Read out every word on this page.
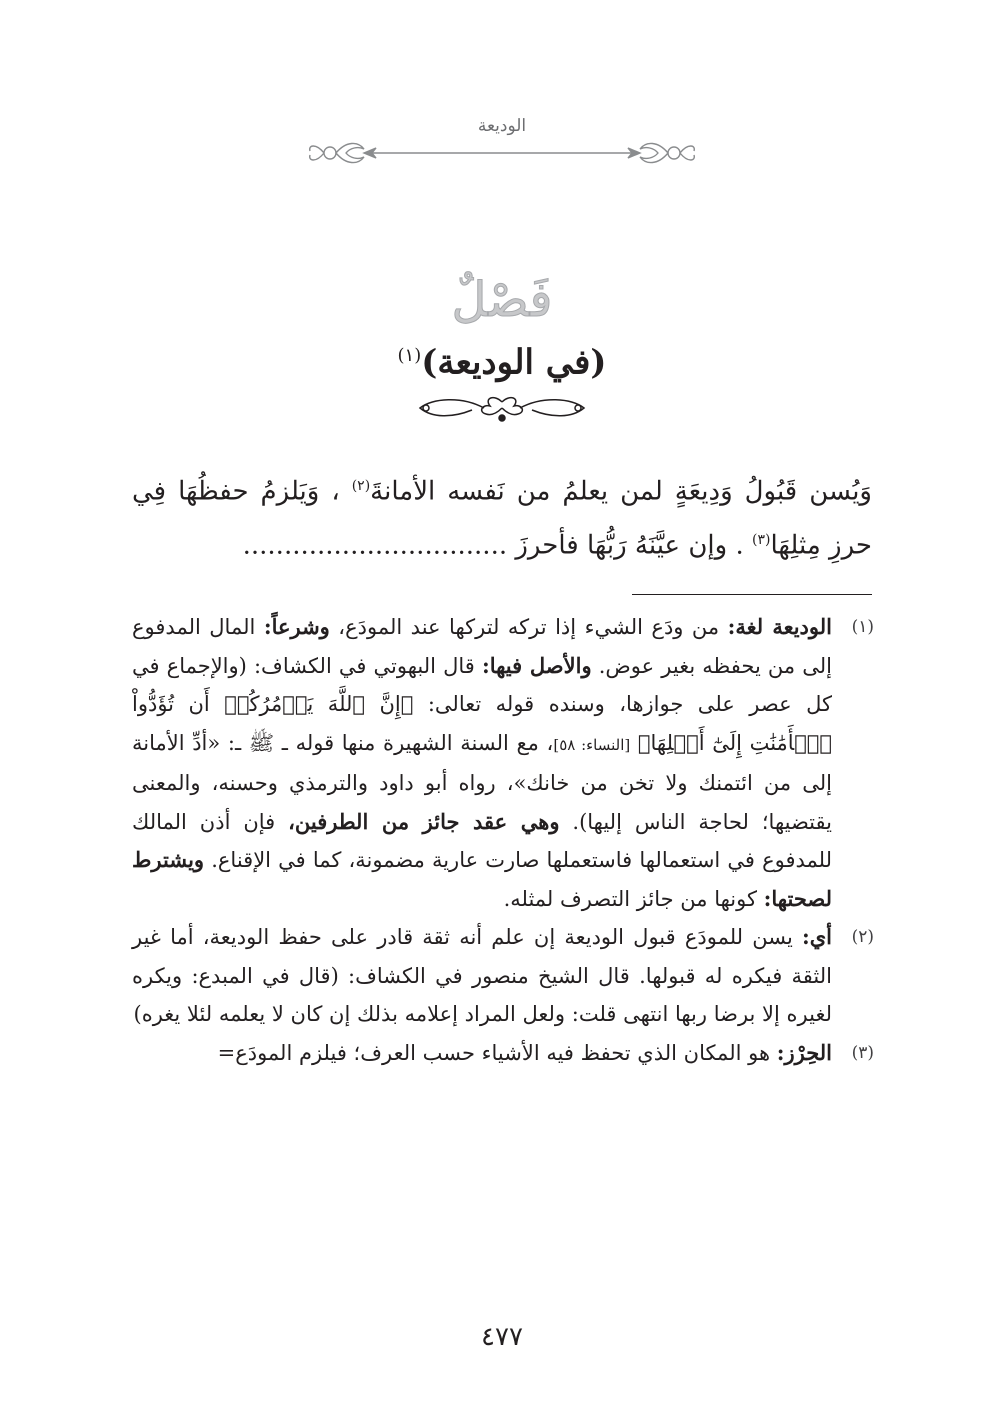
الوديعة
فَصْلٌ
(في الوديعة)$^{(١)}$
وَيُسن قَبُولُ وَدِيعَةٍ لمن يعلمُ من نَفسه الأمانةَ$^{(٢)}$ ، وَيَلزمُ حفظُهَا فِي حرزِ مِثلِهَا$^{(٣)}$ . وإن عيَّنَهُ رَبُّهَا فأحرزَ ................................
(١)
الوديعة لغة: من ودَع الشيء إذا تركه لتركها عند المودَع، وشرعاً: المال المدفوع إلى من يحفظه بغير عوض. والأصل فيها: قال البهوتي في الكشاف: (والإجماع في كل عصر على جوازها، وسنده قوله تعالى: ﴿إِنَّ ٱللَّهَ يَأۡمُرُكُمۡ أَن تُؤَدُّواْ ٱلۡأَمَٰنَٰتِ إِلَىٰٓ أَهۡلِهَا﴾ [النساء: ٥٨]، مع السنة الشهيرة منها قوله ـ ﷺ ـ: «أدِّ الأمانة إلى من ائتمنك ولا تخن من خانك»، رواه أبو داود والترمذي وحسنه، والمعنى يقتضيها؛ لحاجة الناس إليها). وهي عقد جائز من الطرفين، فإن أذن المالك للمدفوع في استعمالها فاستعملها صارت عارية مضمونة، كما في الإقناع. ويشترط لصحتها: كونها من جائز التصرف لمثله.
(٢)
أي: يسن للمودَع قبول الوديعة إن علم أنه ثقة قادر على حفظ الوديعة، أما غير الثقة فيكره له قبولها. قال الشيخ منصور في الكشاف: (قال في المبدع: ويكره لغيره إلا برضا ربها انتهى قلت: ولعل المراد إعلامه بذلك إن كان لا يعلمه لئلا يغره)
(٣)
الحِرْز: هو المكان الذي تحفظ فيه الأشياء حسب العرف؛ فيلزم المودَع=
٤٧٧
